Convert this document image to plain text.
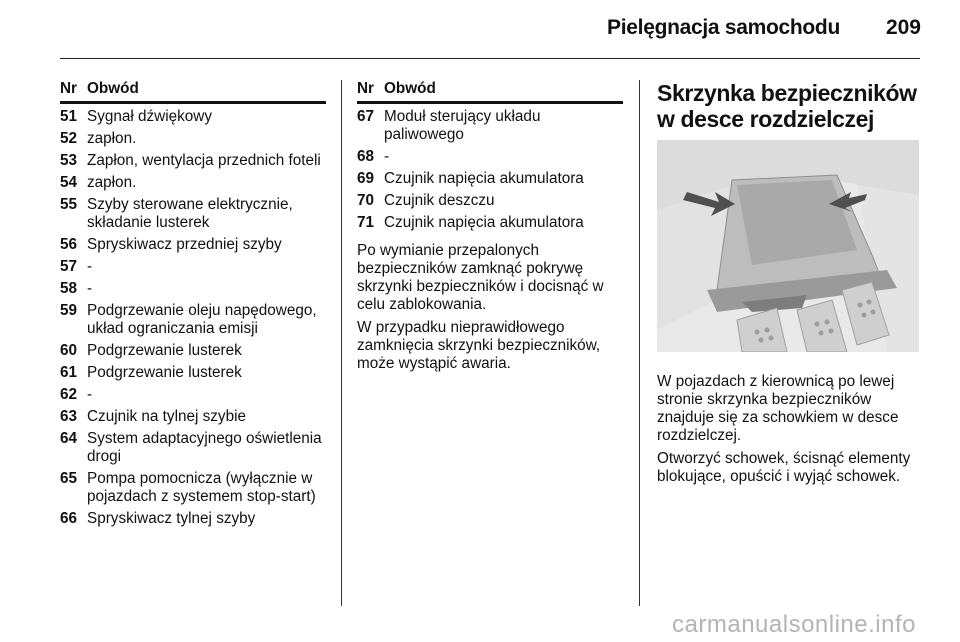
Pielęgnacja samochodu 209
Nr Obwód
51 Sygnał dźwiękowy
52 zapłon.
53 Zapłon, wentylacja przednich foteli
54 zapłon.
55 Szyby sterowane elektrycznie, składanie lusterek
56 Spryskiwacz przedniej szyby
57 -
58 -
59 Podgrzewanie oleju napędowego, układ ograniczania emisji
60 Podgrzewanie lusterek
61 Podgrzewanie lusterek
62 -
63 Czujnik na tylnej szybie
64 System adaptacyjnego oświetlenia drogi
65 Pompa pomocnicza (wyłącznie w pojazdach z systemem stop-start)
66 Spryskiwacz tylnej szyby
Nr Obwód
67 Moduł sterujący układu paliwowego
68 -
69 Czujnik napięcia akumulatora
70 Czujnik deszczu
71 Czujnik napięcia akumulatora

Po wymianie przepalonych bezpieczników zamknąć pokrywę skrzynki bezpieczników i docisnąć w celu zablokowania.

W przypadku nieprawidłowego zamknięcia skrzynki bezpieczników, może wystąpić awaria.

Skrzynka bezpieczników w desce rozdzielczej

W pojazdach z kierownicą po lewej stronie skrzynka bezpieczników znajduje się za schowkiem w desce rozdzielczej.

Otworzyć schowek, ścisnąć elementy blokujące, opuścić i wyjąć schowek.

carmanualsonline.info
